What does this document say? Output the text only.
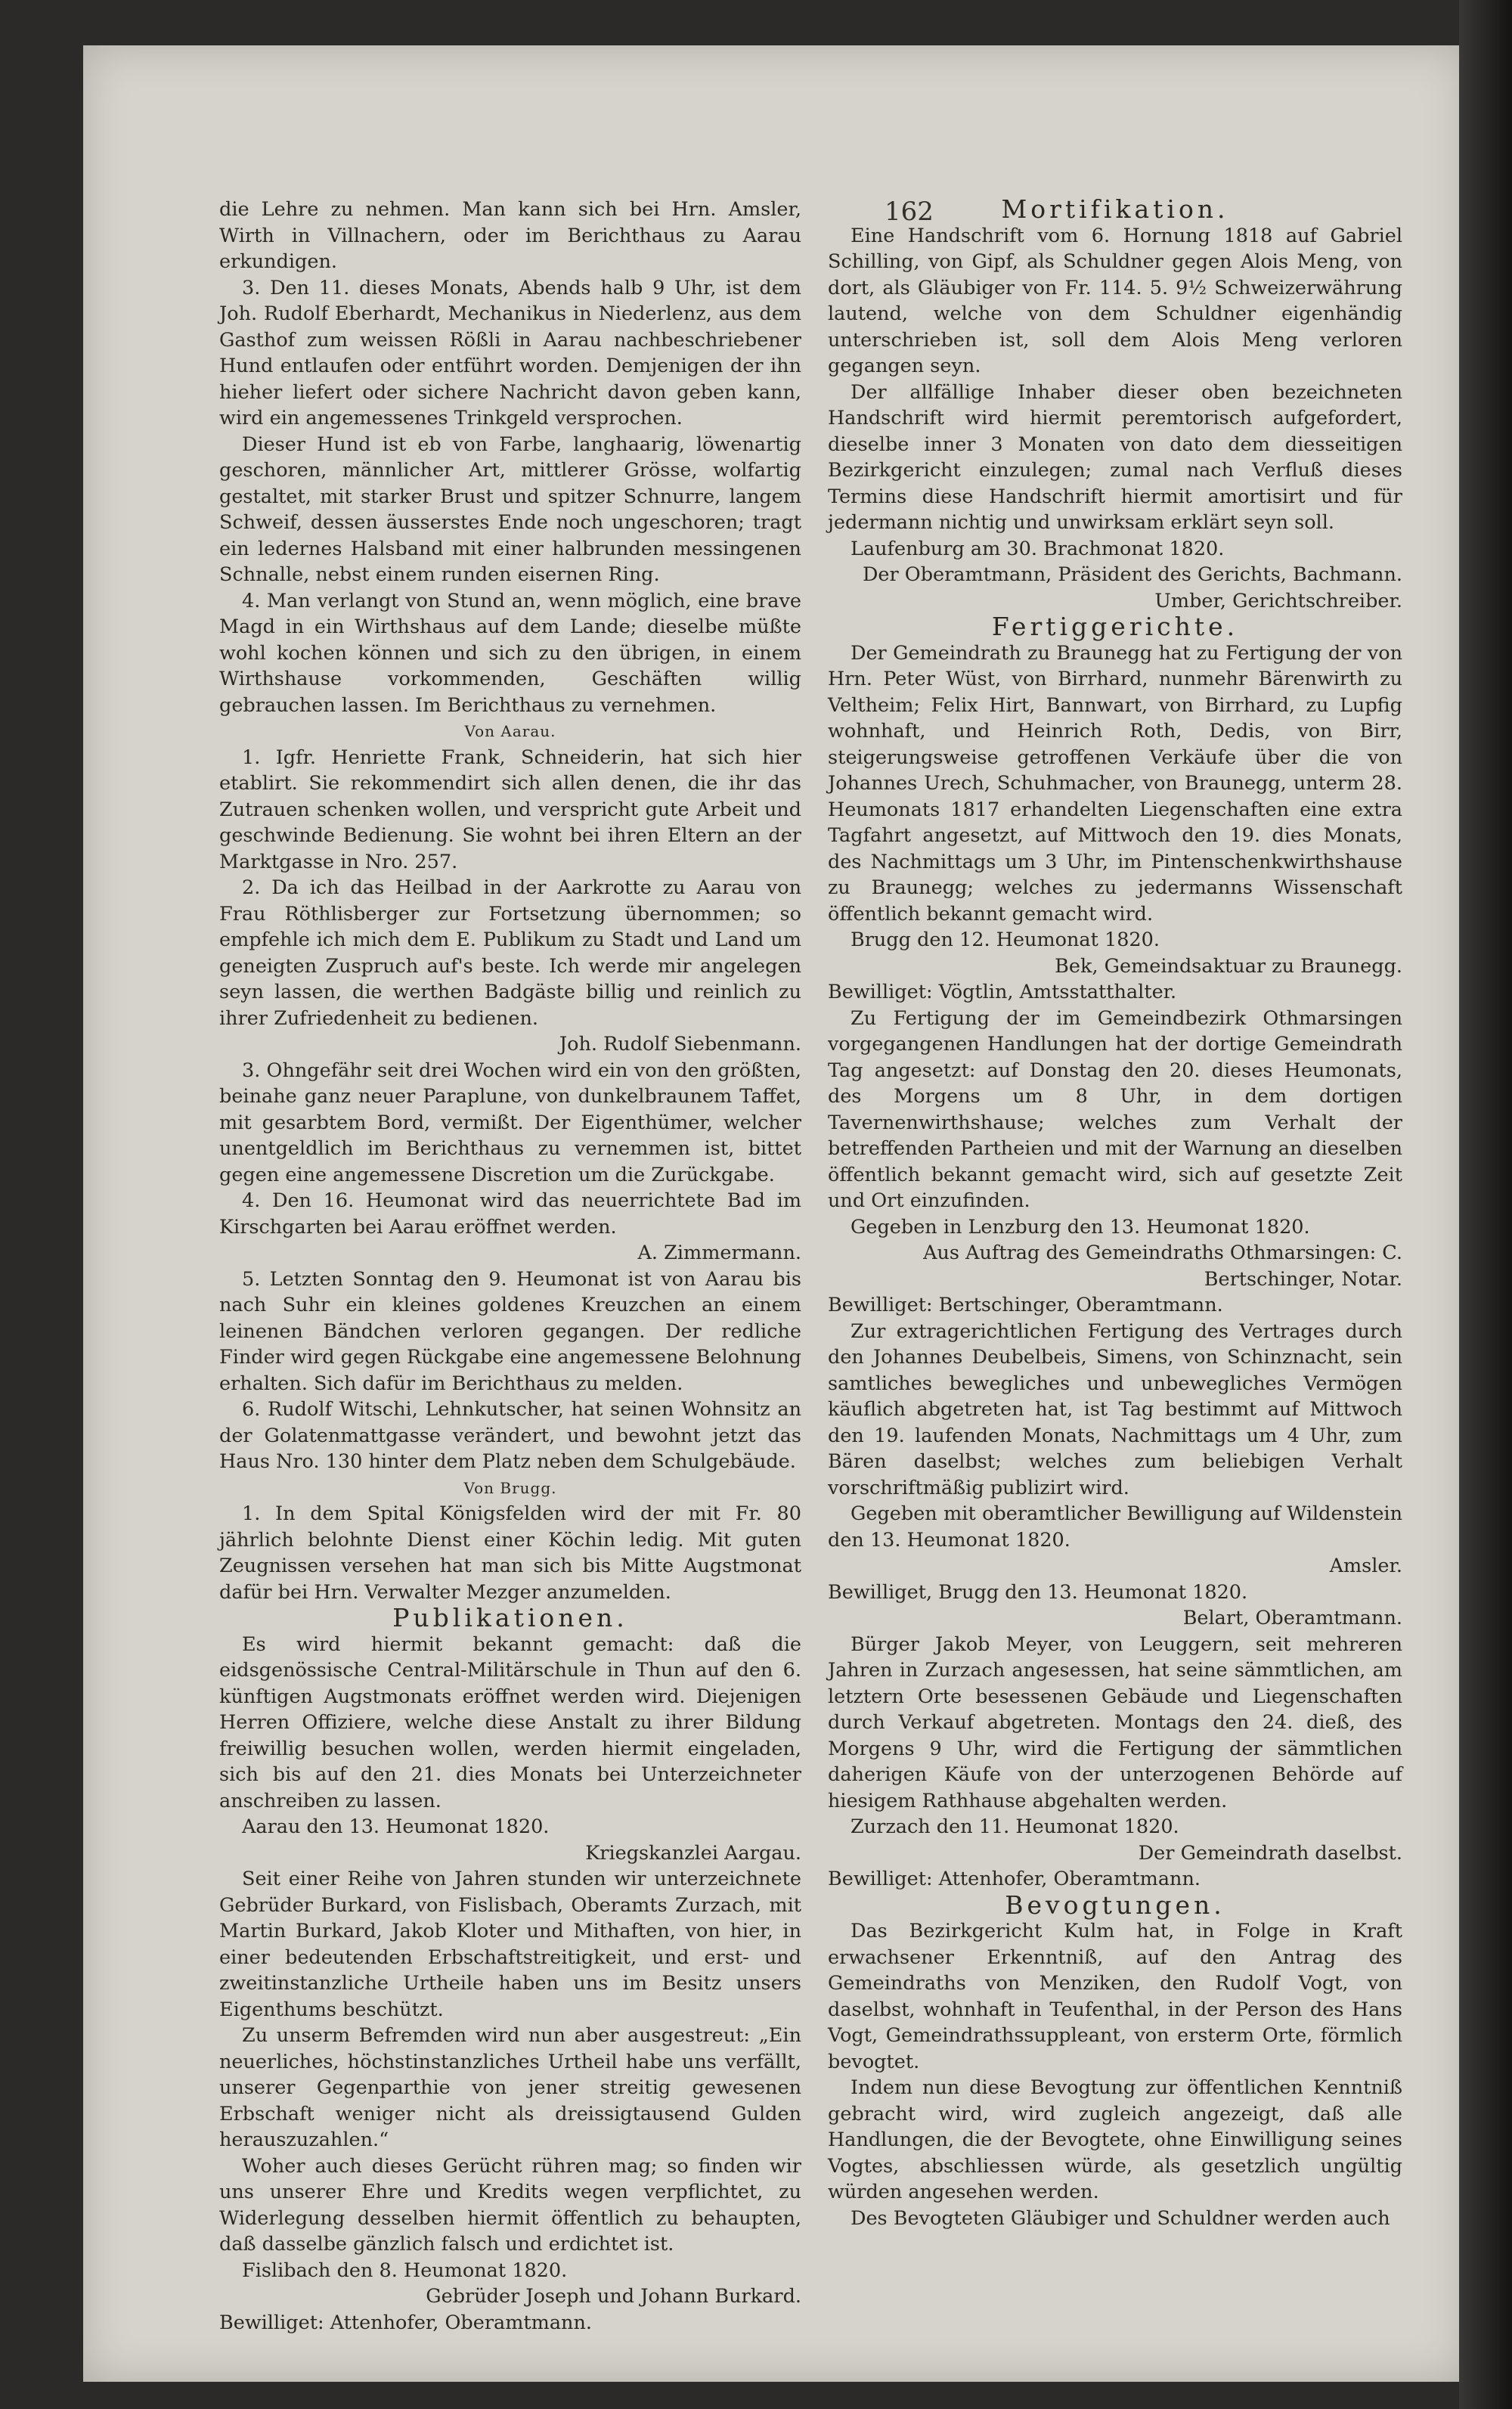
162

die Lehre zu nehmen. Man kann sich bei Hrn. Amsler, Wirth in Villnachern, oder im Berichthaus zu Aarau erkundigen.

3. Den 11. dieses Monats, Abends halb 9 Uhr, ist dem Joh. Rudolf Eberhardt, Mechanikus in Niederlenz, aus dem Gasthof zum weissen Rößli in Aarau nachbeschriebener Hund entlaufen oder entführt worden. Demjenigen der ihn hieher liefert oder sichere Nachricht davon geben kann, wird ein angemessenes Trinkgeld versprochen.

Dieser Hund ist eb von Farbe, langhaarig, löwenartig geschoren, männlicher Art, mittlerer Grösse, wolfartig gestaltet, mit starker Brust und spitzer Schnurre, langem Schweif, dessen äusserstes Ende noch ungeschoren; tragt ein ledernes Halsband mit einer halbrunden messingenen Schnalle, nebst einem runden eisernen Ring.

4. Man verlangt von Stund an, wenn möglich, eine brave Magd in ein Wirthshaus auf dem Lande; dieselbe müßte wohl kochen können und sich zu den übrigen, in einem Wirthshause vorkommenden, Geschäften willig gebrauchen lassen. Im Berichthaus zu vernehmen.

Von Aarau.

1. Igfr. Henriette Frank, Schneiderin, hat sich hier etablirt. Sie rekommendirt sich allen denen, die ihr das Zutrauen schenken wollen, und verspricht gute Arbeit und geschwinde Bedienung. Sie wohnt bei ihren Eltern an der Marktgasse in Nro. 257.

2. Da ich das Heilbad in der Aarkrotte zu Aarau von Frau Röthlisberger zur Fortsetzung übernommen; so empfehle ich mich dem E. Publikum zu Stadt und Land um geneigten Zuspruch auf's beste. Ich werde mir angelegen seyn lassen, die werthen Badgäste billig und reinlich zu ihrer Zufriedenheit zu bedienen.

Joh. Rudolf Siebenmann.

3. Ohngefähr seit drei Wochen wird ein von den größten, beinahe ganz neuer Paraplune, von dunkelbraunem Taffet, mit gesarbtem Bord, vermißt. Der Eigenthümer, welcher unentgeldlich im Berichthaus zu vernemmen ist, bittet gegen eine angemessene Discretion um die Zurückgabe.

4. Den 16. Heumonat wird das neuerrichtete Bad im Kirschgarten bei Aarau eröffnet werden.

A. Zimmermann.

5. Letzten Sonntag den 9. Heumonat ist von Aarau bis nach Suhr ein kleines goldenes Kreuzchen an einem leinenen Bändchen verloren gegangen. Der redliche Finder wird gegen Rückgabe eine angemessene Belohnung erhalten. Sich dafür im Berichthaus zu melden.

6. Rudolf Witschi, Lehnkutscher, hat seinen Wohnsitz an der Golatenmattgasse verändert, und bewohnt jetzt das Haus Nro. 130 hinter dem Platz neben dem Schulgebäude.

Von Brugg.

1. In dem Spital Königsfelden wird der mit Fr. 80 jährlich belohnte Dienst einer Köchin ledig. Mit guten Zeugnissen versehen hat man sich bis Mitte Augstmonat dafür bei Hrn. Verwalter Mezger anzumelden.

Publikationen.

Es wird hiermit bekannt gemacht: daß die eidsgenössische Central-Militärschule in Thun auf den 6. künftigen Augstmonats eröffnet werden wird. Diejenigen Herren Offiziere, welche diese Anstalt zu ihrer Bildung freiwillig besuchen wollen, werden hiermit eingeladen, sich bis auf den 21. dies Monats bei Unterzeichneter anschreiben zu lassen.

Aarau den 13. Heumonat 1820.

Kriegskanzlei Aargau.

Seit einer Reihe von Jahren stunden wir unterzeichnete Gebrüder Burkard, von Fislisbach, Oberamts Zurzach, mit Martin Burkard, Jakob Kloter und Mithaften, von hier, in einer bedeutenden Erbschaftstreitigkeit, und erst- und zweitinstanzliche Urtheile haben uns im Besitz unsers Eigenthums beschützt.

Zu unserm Befremden wird nun aber ausgestreut: „Ein neuerliches, höchstinstanzliches Urtheil habe uns verfällt, unserer Gegenparthie von jener streitig gewesenen Erbschaft weniger nicht als dreissigtausend Gulden herauszuzahlen.“

Woher auch dieses Gerücht rühren mag; so finden wir uns unserer Ehre und Kredits wegen verpflichtet, zu Widerlegung desselben hiermit öffentlich zu behaupten, daß dasselbe gänzlich falsch und erdichtet ist.

Fislibach den 8. Heumonat 1820.

Gebrüder Joseph und Johann Burkard.

Bewilliget: Attenhofer, Oberamtmann.

Mortifikation.

Eine Handschrift vom 6. Hornung 1818 auf Gabriel Schilling, von Gipf, als Schuldner gegen Alois Meng, von dort, als Gläubiger von Fr. 114. 5. 9½ Schweizerwährung lautend, welche von dem Schuldner eigenhändig unterschrieben ist, soll dem Alois Meng verloren gegangen seyn.

Der allfällige Inhaber dieser oben bezeichneten Handschrift wird hiermit peremtorisch aufgefordert, dieselbe inner 3 Monaten von dato dem diesseitigen Bezirkgericht einzulegen; zumal nach Verfluß dieses Termins diese Handschrift hiermit amortisirt und für jedermann nichtig und unwirksam erklärt seyn soll.

Laufenburg am 30. Brachmonat 1820.

Der Oberamtmann, Präsident des Gerichts, Bachmann.

Umber, Gerichtschreiber.

Fertiggerichte.

Der Gemeindrath zu Braunegg hat zu Fertigung der von Hrn. Peter Wüst, von Birrhard, nunmehr Bärenwirth zu Veltheim; Felix Hirt, Bannwart, von Birrhard, zu Lupfig wohnhaft, und Heinrich Roth, Dedis, von Birr, steigerungsweise getroffenen Verkäufe über die von Johannes Urech, Schuhmacher, von Braunegg, unterm 28. Heumonats 1817 erhandelten Liegenschaften eine extra Tagfahrt angesetzt, auf Mittwoch den 19. dies Monats, des Nachmittags um 3 Uhr, im Pintenschenkwirthshause zu Braunegg; welches zu jedermanns Wissenschaft öffentlich bekannt gemacht wird.

Brugg den 12. Heumonat 1820.

Bek, Gemeindsaktuar zu Braunegg.

Bewilliget: Vögtlin, Amtsstatthalter.

Zu Fertigung der im Gemeindbezirk Othmarsingen vorgegangenen Handlungen hat der dortige Gemeindrath Tag angesetzt: auf Donstag den 20. dieses Heumonats, des Morgens um 8 Uhr, in dem dortigen Tavernenwirthshause; welches zum Verhalt der betreffenden Partheien und mit der Warnung an dieselben öffentlich bekannt gemacht wird, sich auf gesetzte Zeit und Ort einzufinden.

Gegeben in Lenzburg den 13. Heumonat 1820.

Aus Auftrag des Gemeindraths Othmarsingen: C. Bertschinger, Notar.

Bewilliget: Bertschinger, Oberamtmann.

Zur extragerichtlichen Fertigung des Vertrages durch den Johannes Deubelbeis, Simens, von Schinznacht, sein samtliches bewegliches und unbewegliches Vermögen käuflich abgetreten hat, ist Tag bestimmt auf Mittwoch den 19. laufenden Monats, Nachmittags um 4 Uhr, zum Bären daselbst; welches zum beliebigen Verhalt vorschriftmäßig publizirt wird.

Gegeben mit oberamtlicher Bewilligung auf Wildenstein den 13. Heumonat 1820.

Amsler.

Bewilliget, Brugg den 13. Heumonat 1820.

Belart, Oberamtmann.

Bürger Jakob Meyer, von Leuggern, seit mehreren Jahren in Zurzach angesessen, hat seine sämmtlichen, am letztern Orte besessenen Gebäude und Liegenschaften durch Verkauf abgetreten. Montags den 24. dieß, des Morgens 9 Uhr, wird die Fertigung der sämmtlichen daherigen Käufe von der unterzogenen Behörde auf hiesigem Rathhause abgehalten werden.

Zurzach den 11. Heumonat 1820.

Der Gemeindrath daselbst.

Bewilliget: Attenhofer, Oberamtmann.

Bevogtungen.

Das Bezirkgericht Kulm hat, in Folge in Kraft erwachsener Erkenntniß, auf den Antrag des Gemeindraths von Menziken, den Rudolf Vogt, von daselbst, wohnhaft in Teufenthal, in der Person des Hans Vogt, Gemeindrathssuppleant, von ersterm Orte, förmlich bevogtet.

Indem nun diese Bevogtung zur öffentlichen Kenntniß gebracht wird, wird zugleich angezeigt, daß alle Handlungen, die der Bevogtete, ohne Einwilligung seines Vogtes, abschliessen würde, als gesetzlich ungültig würden angesehen werden.

Des Bevogteten Gläubiger und Schuldner werden auch
